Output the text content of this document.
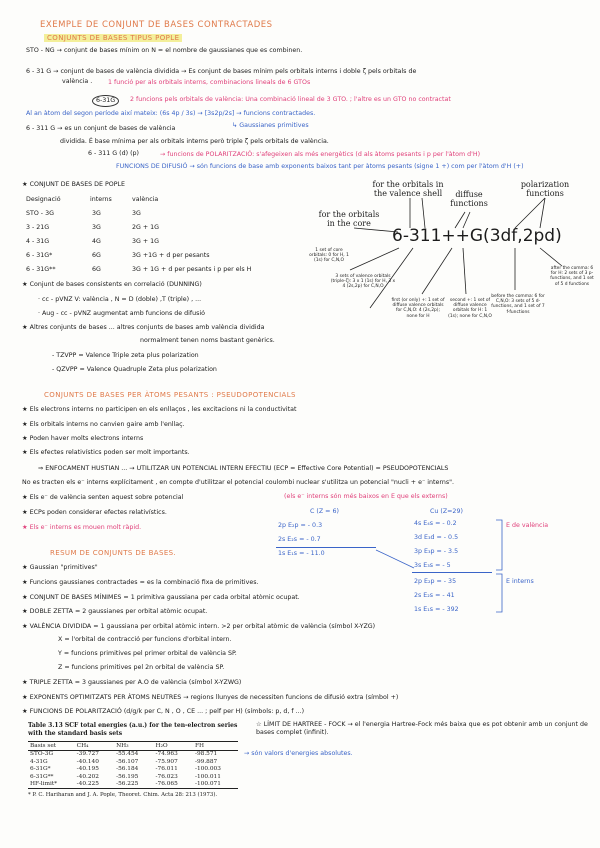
EXEMPLE DE CONJUNT DE BASES CONTRACTADES
CONJUNTS DE BASES TIPUS POPLE
STO - NG → conjunt de bases mínim on N = el nombre de gaussianes que es combinen.
6 - 31 G → conjunt de bases de valència dividida → Es conjunt de bases mínim pels orbitals interns i doble ζ pels orbitals de
valència . 1 funció per als orbitals interns, combinacions lineals de 6 GTOs
6-31G	2 funcions pels orbitals de valència: Una combinació lineal de 3 GTO. ; l'altre es un GTO no contractat
Al an àtom del segon període així mateix: (6s 4p / 3s) → [3s2p/2s] → funcions contractades.
6 - 311 G → es un conjunt de bases de valència	↳ Gaussianes primitives
dividida. É base mínima per als orbitals interns però triple ζ pels orbitals de valència.
6 - 311 G (d) (p)	→ funcions de POLARITZACIÓ: s'afegeixen als més energètics (d als àtoms pesants i p per l'àtom d'H)
FUNCIONS DE DIFUSIÓ → són funcions de base amb exponents baixos tant per àtoms pesants (signe 1 +) com per l'àtom d'H (+)
★ CONJUNT DE BASES DE POPLE
Designació	interns	valència
STO - 3G	3G	3G
3 - 21G	3G	2G + 1G
4 - 31G	4G	3G + 1G
6 - 31G*	6G	3G +1G + d per pesants
6 - 31G**	6G	3G + 1G + d per pesants i p per els H
★ Conjunt de bases consistents en correlació (DUNNING)
· cc - pVNZ V: valència , N = D (doble) ,T (triple) , ...
· Aug - cc - pVNZ augmentat amb funcions de difusió
★ Altres conjunts de bases ... altres conjunts de bases amb valència dividida
normalment tenen noms bastant genèrics.
- TZVPP = Valence Triple zeta plus polarization
- QZVPP = Valence Quadruple Zeta plus polarization
for the orbitals in the valence shell	diffuse functions
polarization functions
for the orbitals in the core
6-311++G(3df,2pd)
1 set of core orbitals: 0 for H, 1 (1s) for C,N,O
3 sets of valence orbitals (triple-ζ): 3 x 1 (1s) for H, 3 x 4 (2s,2p) for C,N,O
first (or only) +: 1 set of diffuse valence orbitals for C,N,O: 4 (2s,2p); none for H
second +: 1 set of diffuse valence orbitals for H: 1 (1s); none for C,N,O
before the comma: 6 for C,N,O: 3 sets of 5 d-functions, and 1 set of 7 f-functions
after the comma: 6 for H: 2 sets of 3 p-functions, and 1 set of 5 d functions
CONJUNTS DE BASES PER ÀTOMS PESANTS : PSEUDOPOTENCIALS
★ Els electrons interns no participen en els enllaços , les excitacions ni la conductivitat
★ Els orbitals interns no canvien gaire amb l'enllaç.
★ Poden haver molts electrons interns
★ Els efectes relativístics poden ser molt importants.
⇒ ENFOCAMENT HUSTIAN ... → UTILITZAR UN POTENCIAL INTERN EFECTIU (ECP = Effective Core Potential) = PSEUDOPOTENCIALS
No es tracten els e⁻ interns explícitament , en compte d'utilitzar el potencial coulombi nuclear s'utilitza un potencial "nucli + e⁻ interns".
★ Els e⁻ de valència senten aquest sobre potencial	(els e⁻ interns són més baixos en E que els externs)
★ ECPs poden considerar efectes relativístics.
★ Els e⁻ interns es mouen molt ràpid.
C (Z = 6)	Cu (Z=29)
2p E₂p = - 0.3
2s E₂s = - 0.7
1s E₁s = - 11.0
4s E₄s = - 0.2
3d E₃d = - 0.5
3p E₃p = - 3.5
3s E₃s = - 5
2p E₂p = - 35
2s E₂s = - 41
1s E₁s = - 392
E de valència
E interns
RESUM DE CONJUNTS DE BASES.
★ Gaussian "primitives"
★ Funcions gaussianes contractades = es la combinació fixa de primitives.
★ CONJUNT DE BASES MÍNIMES = 1 primitiva gaussiana per cada orbital atòmic ocupat.
★ DOBLE ZETTA = 2 gaussianes per orbital atòmic ocupat.
★ VALÈNCIA DIVIDIDA = 1 gaussiana per orbital atòmic intern. >2 per orbital atòmic de valència (símbol X-YZG)
X = l'orbital de contracció per funcions d'orbital intern.
Y = funcions primitives pel primer orbital de valència SP.
Z = funcions primitives pel 2n orbital de valència SP.
★ TRIPLE ZETTA = 3 gaussianes per A.O de valència (símbol X-YZWG)
★ EXPONENTS OPTIMITZATS PER ÀTOMS NEUTRES → regions llunyes de necessiten funcions de difusió extra (símbol +)
★ FUNCIONS DE POLARITZACIÓ (d/g/k per C, N , O , CE ... ; pelf per H) (símbols: p, d, f ...)
☆ LÍMIT DE HARTREE - FOCK → el l'energia Hartree-Fock més baixa que es pot obtenir amb un conjunt de bases complet (infinit).
→ són valors d'energies absolutes.
Table 3.13 SCF total energies (a.u.) for the ten-electron series with the standard basis sets
Basis set	CH₄	NH₃	H₂O	FH
STO-3G	-39.727	-55.454	-74.963	-98.571
4-31G	-40.140	-56.107	-75.907	-99.887
6-31G*	-40.195	-56.184	-76.011	-100.003
6-31G**	-40.202	-56.195	-76.023	-100.011
HF-limit*	-40.225	-56.225	-76.065	-100.071
* P. C. Hariharan and J. A. Pople, Theoret. Chim. Acta 28: 213 (1973).
